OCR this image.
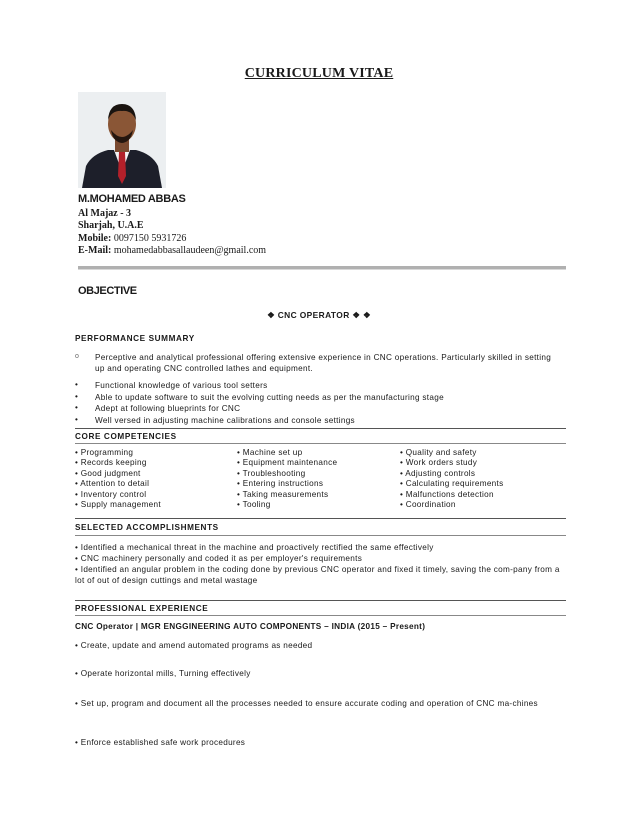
CURRICULUM VITAE
M.MOHAMED ABBAS
Al Majaz - 3
Sharjah, U.A.E
Mobile: 0097150 5931726
E-Mail: mohamedabbasallaudeen@gmail.com
OBJECTIVE
❖ CNC OPERATOR ❖ ❖
PERFORMANCE SUMMARY
o Perceptive and analytical professional offering extensive experience in CNC operations. Particularly skilled in setting up and operating CNC controlled lathes and equipment.
• Functional knowledge of various tool setters
• Able to update software to suit the evolving cutting needs as per the manufacturing stage
• Adept at following blueprints for CNC
• Well versed in adjusting machine calibrations and console settings
CORE COMPETENCIES
• Programming
• Records keeping
• Good judgment
• Attention to detail
• Inventory control
• Supply management
• Machine set up
• Equipment maintenance
• Troubleshooting
• Entering instructions
• Taking measurements
• Tooling
• Quality and safety
• Work orders study
• Adjusting controls
• Calculating requirements
• Malfunctions detection
• Coordination
SELECTED ACCOMPLISHMENTS
• Identified a mechanical threat in the machine and proactively rectified the same effectively
• CNC machinery personally and coded it as per employer's requirements
• Identified an angular problem in the coding done by previous CNC operator and fixed it timely, saving the com-pany from a lot of out of design cuttings and metal wastage
PROFESSIONAL EXPERIENCE
CNC Operator | MGR ENGGINEERING AUTO COMPONENTS – INDIA (2015 – Present)
• Create, update and amend automated programs as needed
• Operate horizontal mills, Turning effectively
• Set up, program and document all the processes needed to ensure accurate coding and operation of CNC ma-chines
• Enforce established safe work procedures
